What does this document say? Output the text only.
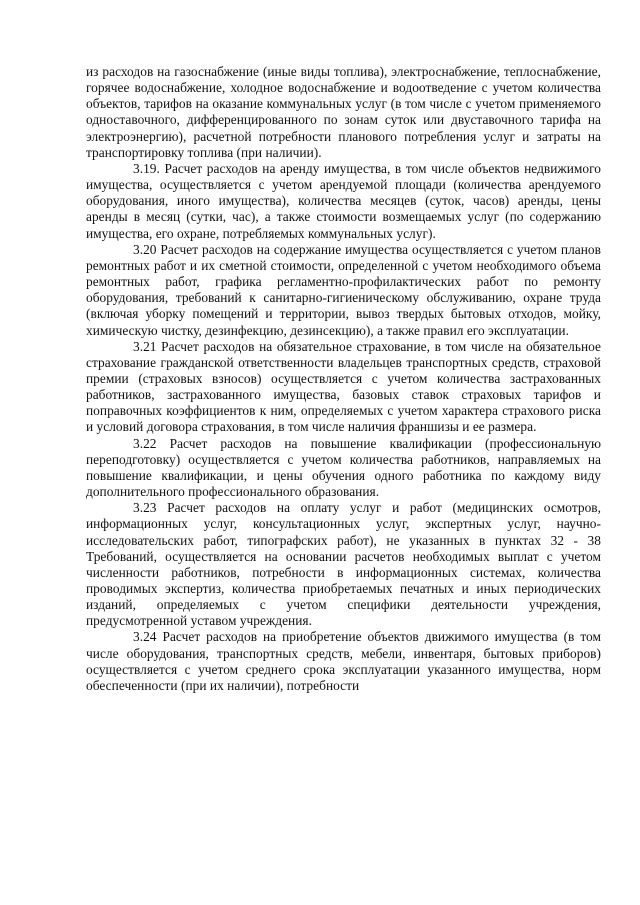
из расходов на газоснабжение (иные виды топлива), электроснабжение, теплоснабжение, горячее водоснабжение, холодное водоснабжение и водоотведение с учетом количества объектов, тарифов на оказание коммунальных услуг (в том числе с учетом применяемого одноставочного, дифференцированного по зонам суток или двуставочного тарифа на электроэнергию), расчетной потребности планового потребления услуг и затраты на транспортировку топлива (при наличии).

3.19. Расчет расходов на аренду имущества, в том числе объектов недвижимого имущества, осуществляется с учетом арендуемой площади (количества арендуемого оборудования, иного имущества), количества месяцев (суток, часов) аренды, цены аренды в месяц (сутки, час), а также стоимости возмещаемых услуг (по содержанию имущества, его охране, потребляемых коммунальных услуг).

3.20 Расчет расходов на содержание имущества осуществляется с учетом планов ремонтных работ и их сметной стоимости, определенной с учетом необходимого объема ремонтных работ, графика регламентно-профилактических работ по ремонту оборудования, требований к санитарно-гигиеническому обслуживанию, охране труда (включая уборку помещений и территории, вывоз твердых бытовых отходов, мойку, химическую чистку, дезинфекцию, дезинсекцию), а также правил его эксплуатации.

3.21 Расчет расходов на обязательное страхование, в том числе на обязательное страхование гражданской ответственности владельцев транспортных средств, страховой премии (страховых взносов) осуществляется с учетом количества застрахованных работников, застрахованного имущества, базовых ставок страховых тарифов и поправочных коэффициентов к ним, определяемых с учетом характера страхового риска и условий договора страхования, в том числе наличия франшизы и ее размера.

3.22 Расчет расходов на повышение квалификации (профессиональную переподготовку) осуществляется с учетом количества работников, направляемых на повышение квалификации, и цены обучения одного работника по каждому виду дополнительного профессионального образования.

3.23 Расчет расходов на оплату услуг и работ (медицинских осмотров, информационных услуг, консультационных услуг, экспертных услуг, научно-исследовательских работ, типографских работ), не указанных в пунктах 32 - 38 Требований, осуществляется на основании расчетов необходимых выплат с учетом численности работников, потребности в информационных системах, количества проводимых экспертиз, количества приобретаемых печатных и иных периодических изданий, определяемых с учетом специфики деятельности учреждения, предусмотренной уставом учреждения.

3.24 Расчет расходов на приобретение объектов движимого имущества (в том числе оборудования, транспортных средств, мебели, инвентаря, бытовых приборов) осуществляется с учетом среднего срока эксплуатации указанного имущества, норм обеспеченности (при их наличии), потребности
